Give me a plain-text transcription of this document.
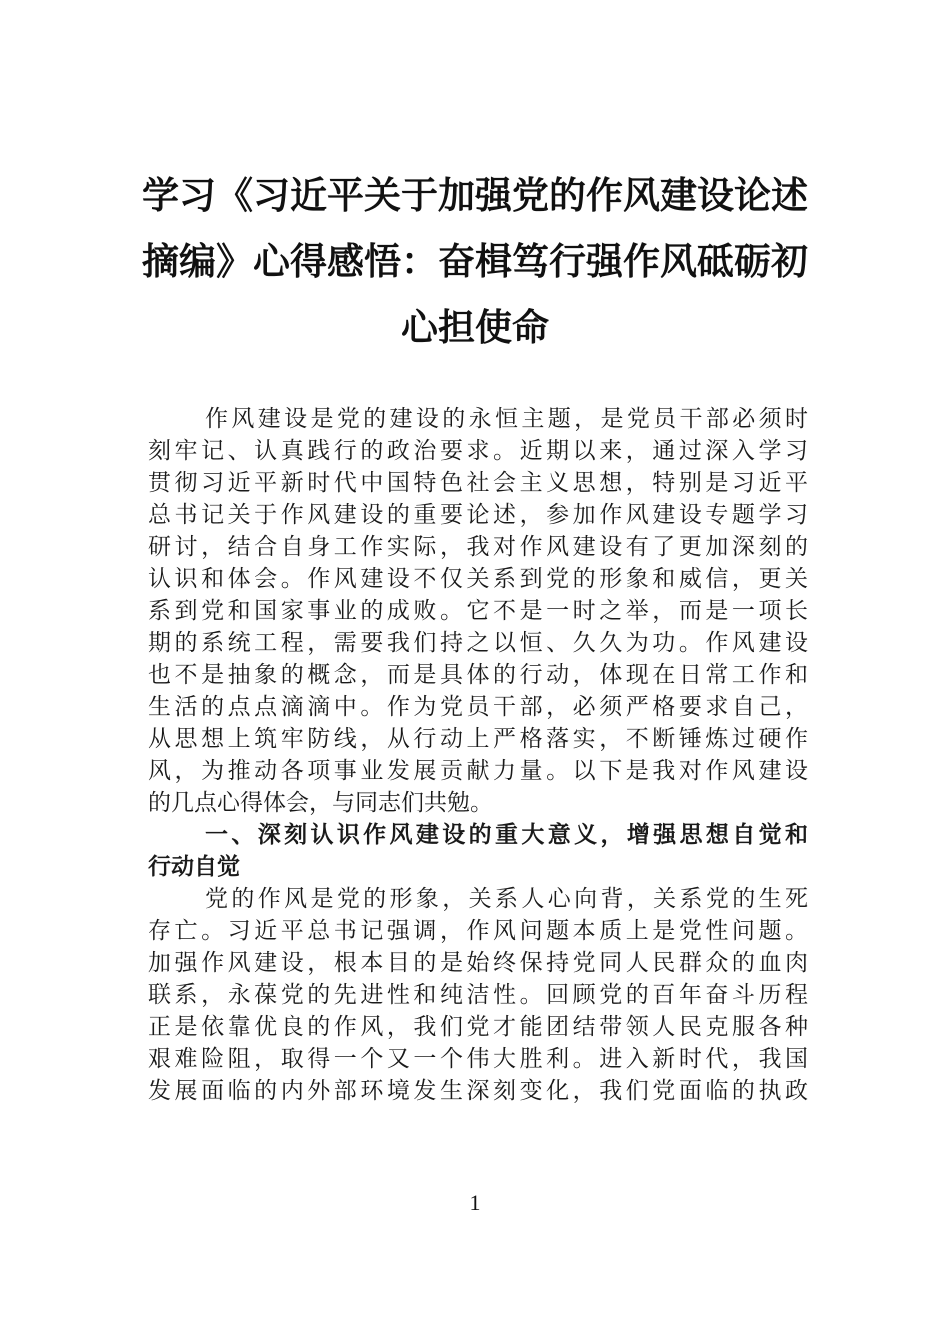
学习《习近平关于加强党的作风建设论述
摘编》心得感悟：奋楫笃行强作风砥砺初
心担使命
作风建设是党的建设的永恒主题，是党员干部必须时
刻牢记、认真践行的政治要求。近期以来，通过深入学习
贯彻习近平新时代中国特色社会主义思想，特别是习近平
总书记关于作风建设的重要论述，参加作风建设专题学习
研讨，结合自身工作实际，我对作风建设有了更加深刻的
认识和体会。作风建设不仅关系到党的形象和威信，更关
系到党和国家事业的成败。它不是一时之举，而是一项长
期的系统工程，需要我们持之以恒、久久为功。作风建设
也不是抽象的概念，而是具体的行动，体现在日常工作和
生活的点点滴滴中。作为党员干部，必须严格要求自己，
从思想上筑牢防线，从行动上严格落实，不断锤炼过硬作
风，为推动各项事业发展贡献力量。以下是我对作风建设
的几点心得体会，与同志们共勉。
一、深刻认识作风建设的重大意义，增强思想自觉和
行动自觉
党的作风是党的形象，关系人心向背，关系党的生死
存亡。习近平总书记强调，作风问题本质上是党性问题。
加强作风建设，根本目的是始终保持党同人民群众的血肉
联系，永葆党的先进性和纯洁性。回顾党的百年奋斗历程
正是依靠优良的作风，我们党才能团结带领人民克服各种
艰难险阻，取得一个又一个伟大胜利。进入新时代，我国
发展面临的内外部环境发生深刻变化，我们党面临的执政
1
